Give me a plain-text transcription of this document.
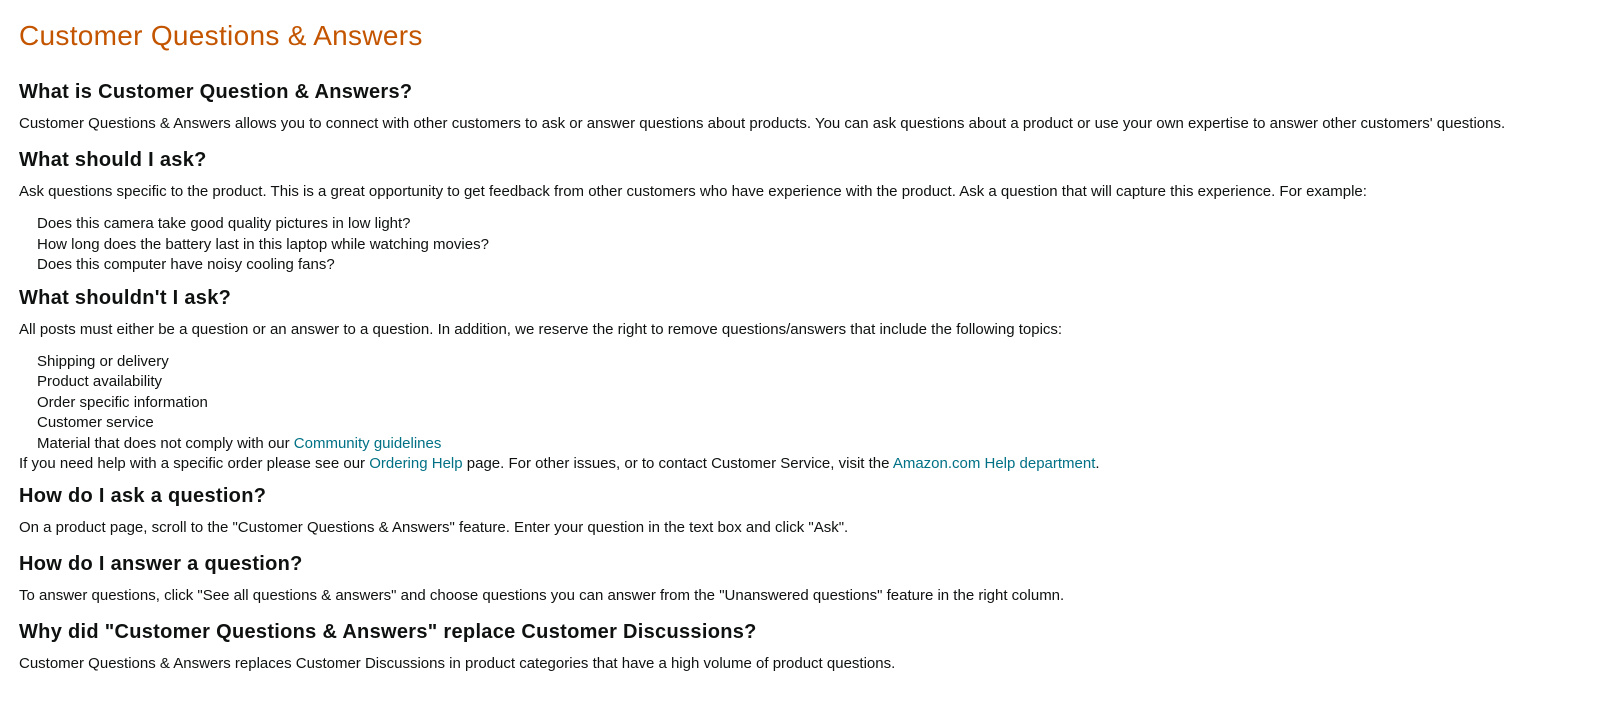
Customer Questions & Answers
What is Customer Question & Answers?

Customer Questions & Answers allows you to connect with other customers to ask or answer questions about products. You can ask questions about a product or use your own expertise to answer other customers' questions.

What should I ask?

Ask questions specific to the product. This is a great opportunity to get feedback from other customers who have experience with the product. Ask a question that will capture this experience. For example:

Does this camera take good quality pictures in low light?
How long does the battery last in this laptop while watching movies?
Does this computer have noisy cooling fans?
What shouldn't I ask?

All posts must either be a question or an answer to a question. In addition, we reserve the right to remove questions/answers that include the following topics:

Shipping or delivery
Product availability
Order specific information
Customer service
Material that does not comply with our Community guidelines

If you need help with a specific order please see our Ordering Help page. For other issues, or to contact Customer Service, visit the Amazon.com Help department.

How do I ask a question?

On a product page, scroll to the "Customer Questions & Answers" feature. Enter your question in the text box and click "Ask".

How do I answer a question?

To answer questions, click "See all questions & answers" and choose questions you can answer from the "Unanswered questions" feature in the right column.

Why did "Customer Questions & Answers" replace Customer Discussions?

Customer Questions & Answers replaces Customer Discussions in product categories that have a high volume of product questions.
